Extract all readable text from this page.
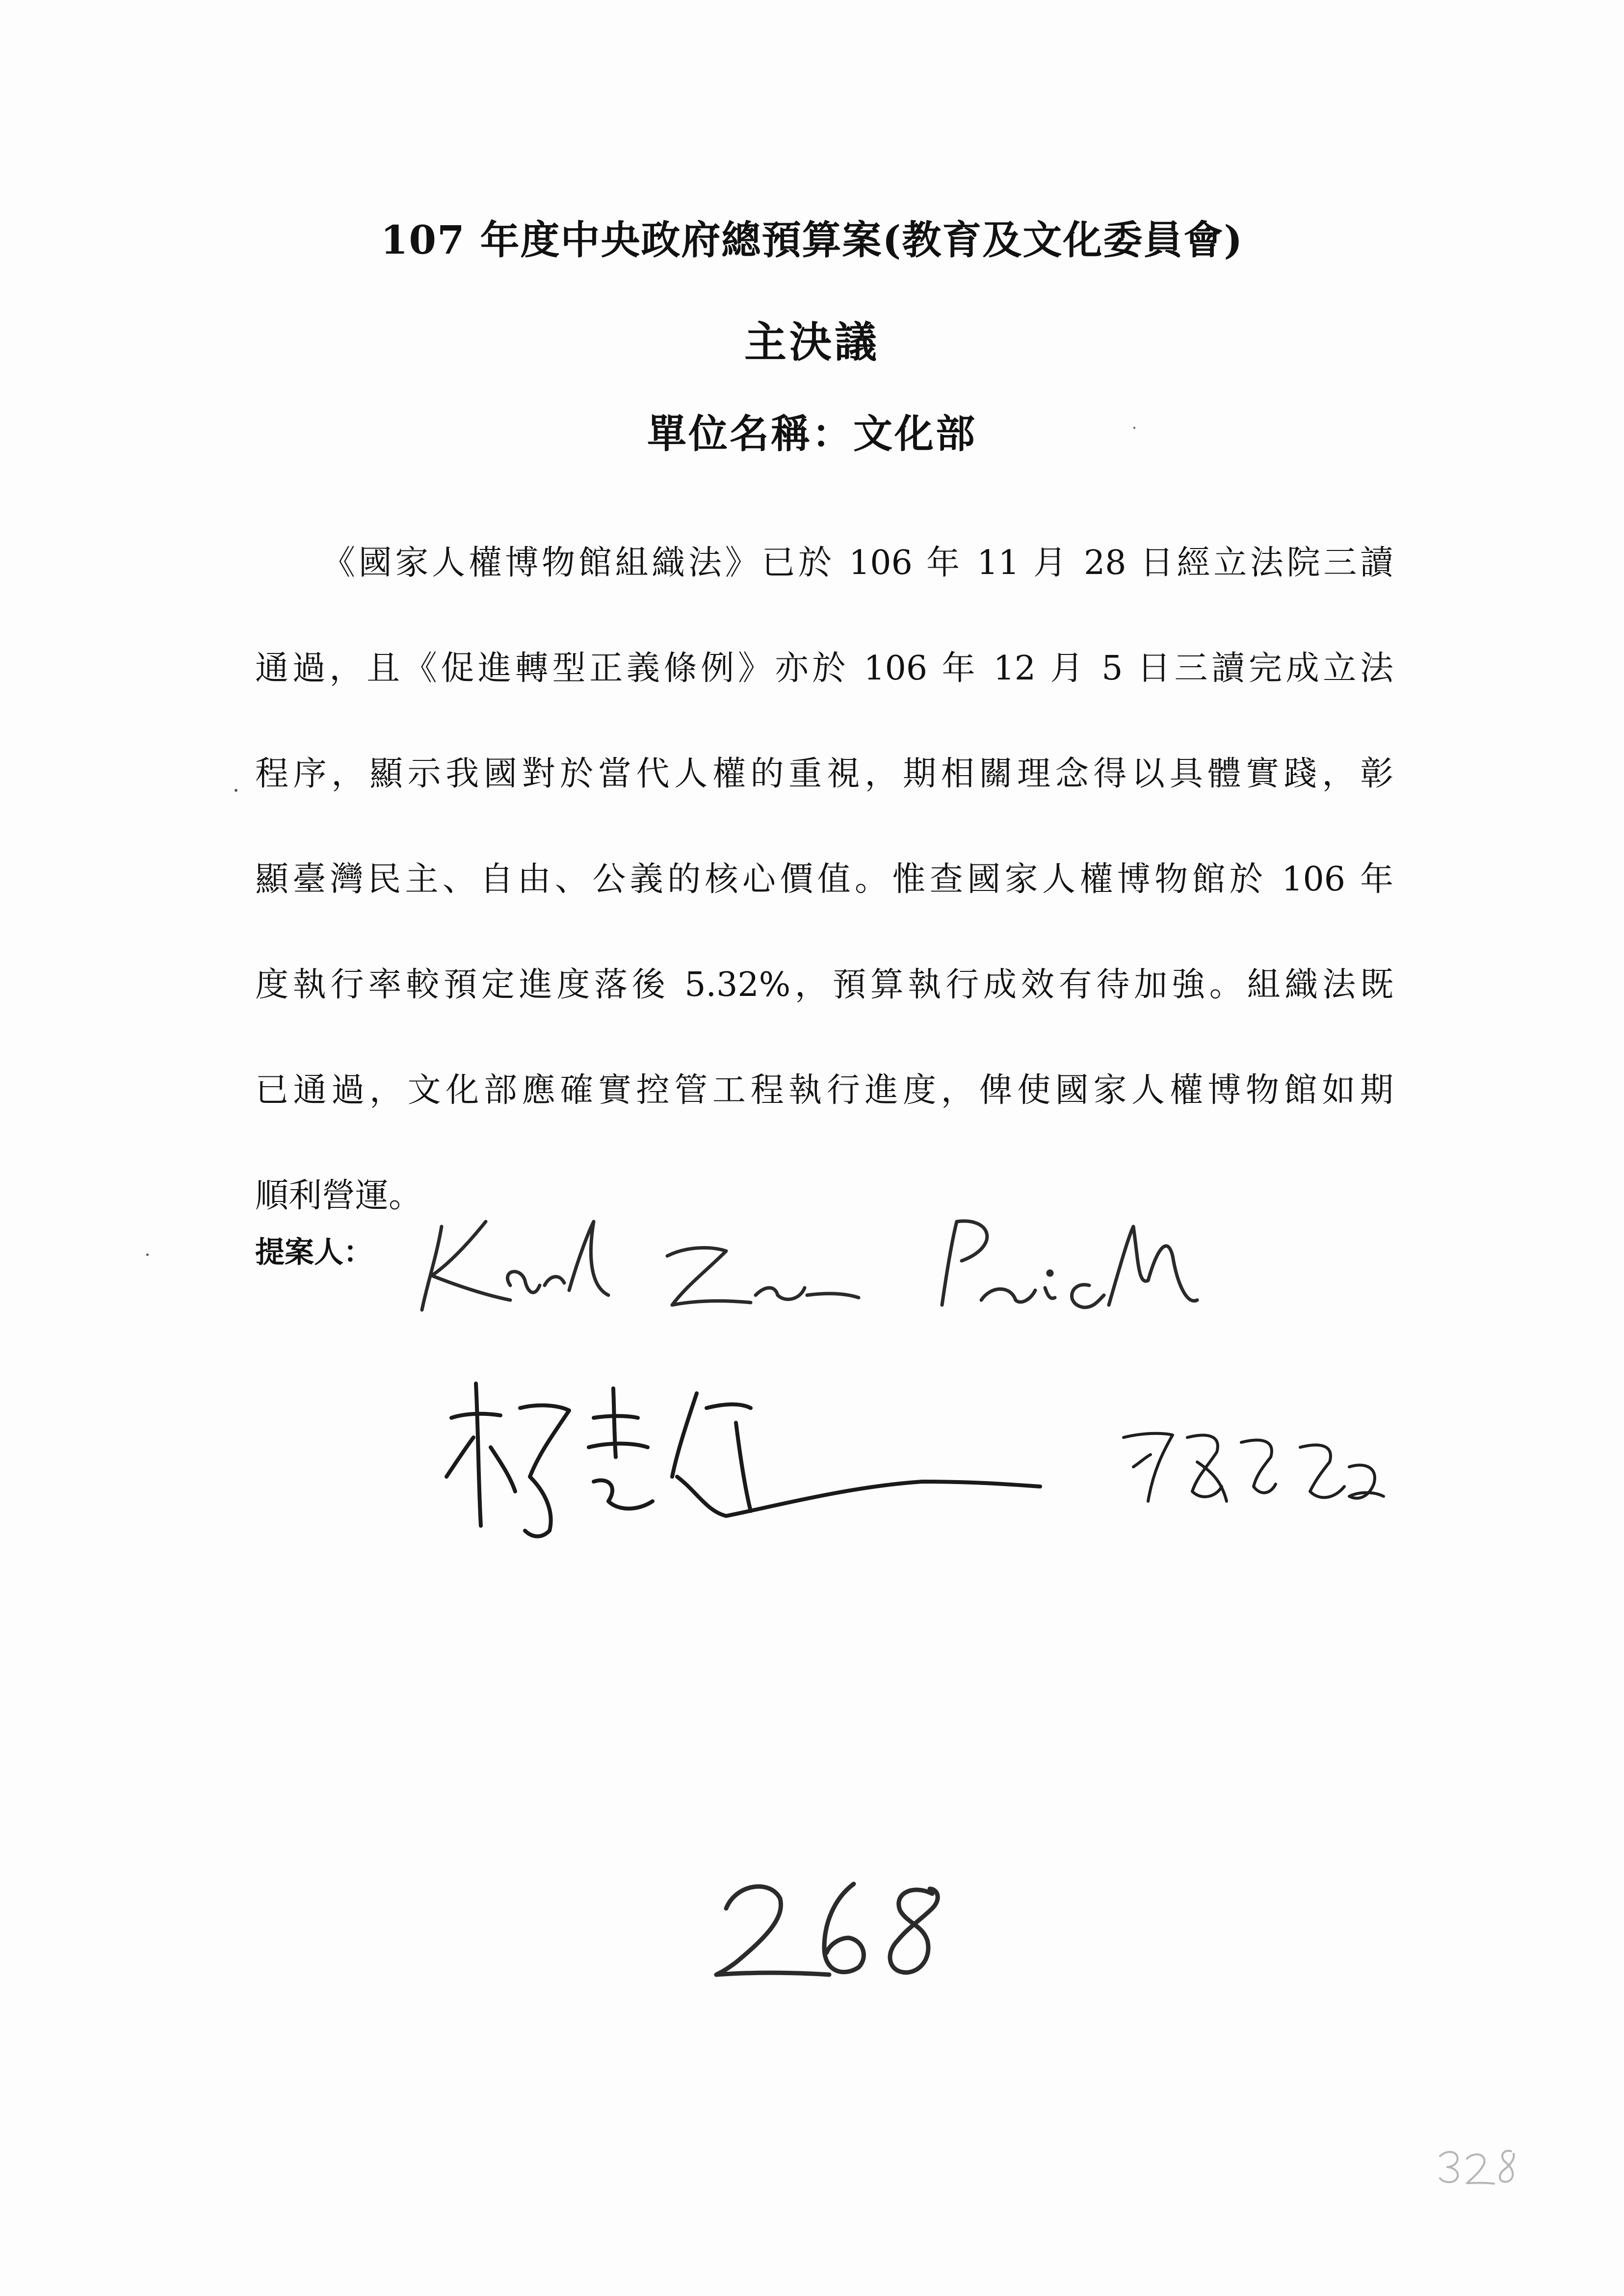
107 年度中央政府總預算案(教育及文化委員會)
主決議
單位名稱：文化部
《國家人權博物館組織法》已於 106 年 11 月 28 日經立法院三讀
通過，且《促進轉型正義條例》亦於 106 年 12 月 5 日三讀完成立法
程序，顯示我國對於當代人權的重視，期相關理念得以具體實踐，彰
顯臺灣民主、自由、公義的核心價值。惟查國家人權博物館於 106 年
度執行率較預定進度落後 5.32%，預算執行成效有待加強。組織法既
已通過，文化部應確實控管工程執行進度，俾使國家人權博物館如期
順利營運。
提案人：
